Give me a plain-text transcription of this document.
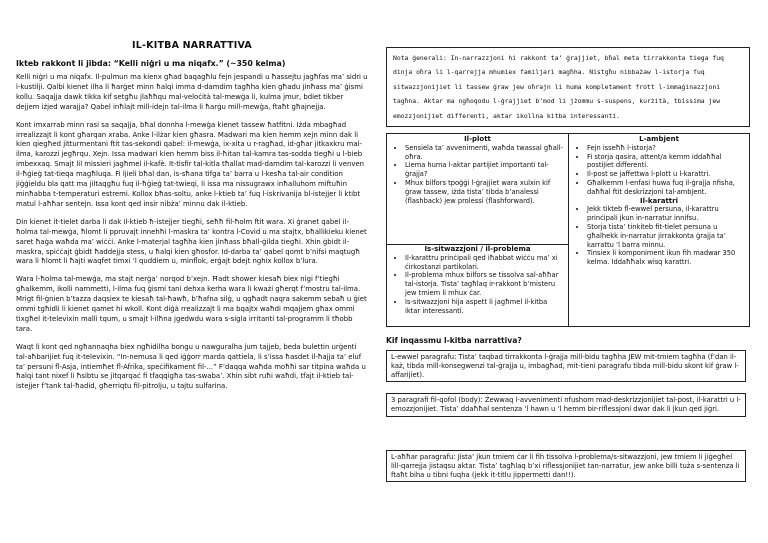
IL-KITBA NARRATTIVA
Ikteb rakkont li jibda: “Kelli niġri u ma niqafx.” (~350 kelma)

Kelli niġri u ma niqafx. Il-pulmun ma kienx għad baqagħlu fejn jespandi u ħassejtu jagħfas ma’ sidri u l-kustilji. Qalbi kienet ilha li ħarġet minn ħalqi imma d-damdim tagħha kien għadu jinħass ma’ ġismi kollu. Saqajja dawk tikka kif setgħu jlaħħqu mal-veloċità tal-mewġa li, kulma jmur, bdiet tikber dejjem iżjed warajja? Qabel inħlajt mill-idejn tal-ilma li ħarġu mill-mewġa, ftaħt għajnejja.

Kont imxarrab minn rasi sa saqajja, bħal donnha l-mewġa kienet tassew ħatfitni. Iżda mbagħad irrealizzajt li kont għarqan xraba. Anke l-ilżar kien għasra. Madwari ma kien hemm xejn minn dak li kien qiegħed jitturmentani ftit tas-sekondi qabel: il-mewġa, ix-xita u r-ragħad, id-għar jitkaxkru mal-ilma, karozzi jegħrqu. Xejn. Issa madwari kien hemm biss il-ħitan tal-kamra tas-sodda tiegħi u l-bieb imbexxaq. Smajt lil missieri jagħmel il-kafè. It-tisfir tal-kitla tħallat mad-damdim tal-karozzi li venven il-ħġieġ tat-tieqa magħluqa. Fi ljieli bħal dan, is-sħana tifga ta’ barra u l-kesħa tal-air condition jiġġieldu bla qatt ma jiltaqgħu fuq il-ħġieġ tat-twieqi, li issa ma nissugrawx inħalluhom miftuħin minħabba t-temperaturi estremi. Kollox bħas-soltu, anke l-ktieb ta’ fuq l-iskrivanija bl-istejjer li ktibt matul l-aħħar sentejn. Issa kont qed insir nibża’ minnu dak il-ktieb.

Din kienet it-tielet darba li dak il-ktieb ħ-istejjer tiegħi, seħħ fil-ħolm ftit wara. Xi ġranet qabel il-ħolma tal-mewġa, ħlomt li ppruvajt innehħi l-maskra ta’ kontra l-Covid u ma stajtx, bħallikieku kienet saret ħaġa waħda ma’ wiċċi. Anke l-materjal tagħha kien jinħass bħall-ġilda tiegħi. Xhin ġbidt il-maskra, spiċċajt ġbidt ħaddejja stess, u ħalqi kien għosfor. Id-darba ta’ qabel qomt b’nifsi maqtugħ wara li ħlomt li ħajti waqfet timxi ‘l quddiem u, minflok, erġajt bdejt nghix kollox b’lura.

Wara l-ħolma tal-mewġa, ma stajt nerġa’ norqod b’xejn. Ħadt shower kiesaħ biex nigi f’tiegħi għalkemm, ikolli nammetti, l-ilma fuq ġismi tani dehxa kerha wara li kważi għerqt f’mostru tal-ilma. Mrigt fil-ġnien b’tazza daqsiex te kiesaħ tal-ħawħ, b’ħafna silġ, u qgħadt naqra sakemm sebaħ u ġiet ommi tgħidli li kienet qamet hi wkoll. Kont diġà rrealizzajt li ma bqajtx waħdi mqajjem għax ommi tixgħel it-televixin malli tqum, u smajt l-ilħna jgedwdu wara s-sigla irritanti tal-programm li tħobb tara.

Waqt li kont qed ngħannaqha biex ngħidilha bongu u nawguralha jum tajjeb, beda bulettin urġenti tal-aħbarijiet fuq it-televixin. “In-nemusa li qed iġġorr marda qattiela, li s’issa ħasdet il-ħajja ta’ eluf ta’ persuni fl-Asja, intiemħet fl-Afrika, speċifikament fil-...” F’daqqa waħda moħħi sar titpina waħda u ħalqi tant nixef li ħsibtu se jitqarqaċ fi tfaqqigħa tas-swaba’. Xhin sibt ruħi waħdi, tfajt il-ktieb tal-istejjer f’tank tal-ħadid, għerriqtu fil-pitrolju, u tajtu sulfarina.

Nota ġenerali: In-narrazzjoni hi rakkont ta’ ġrajjiet, bħal meta tirrakkonta tiega fuq dinja oħra li l-qarrejja mhumiex familjari magħha. Nistgħu nibbażaw l-istorja fuq sitwazzjonijiet li tassew ġraw jew oħrajn li huma kompletament frott l-immaġinazzjoni tagħna. Aktar ma ngħoqodu l-ġrajjiet b’mod li jżommu s-suspens, kurżità, tbissima jew emozzjonijiet differenti, aktar ikollna kitba interessanti.
Il-plott
• Sensiela ta’ avvenimenti, waħda twassal għall-oħra.
• Liema huma l-aktar partijiet importanti tal-ġrajja?
• Mhux bilfors tpoġġi l-ġrajjiet wara xulxin kif ġraw tassew, iżda tista’ tibda b’analessi (flashback) jew prolessi (flashforward).
L-ambjent
• Fejn isseħħ l-istorja?
• Fi storja qasira, attent/a kemm iddaħħal postijiet differenti.
• Il-post se jaffettwa l-plott u l-karattri.
• Għalkemm l-enfasi huwa fuq il-ġrajja nfisha, daħħal ftit deskrizzjoni tal-ambjent.
Il-karattri
• Jekk tikteb fl-ewwel persuna, il-karattru prinċipali jkun in-narratur innifsu.
• Storja tista’ tinkiteb fit-tielet persuna u għalhekk in-narratur jirrakkonta ġrajja ta’ karrattu ‘l barra minnu.
• Tinsiex li komponiment ikun fih madwar 350 kelma. Iddaħħalx wisq karattri.
Is-sitwazzjoni / il-problema
• Il-karattru prinċipali qed iħabbat wiċċu ma’ xi ċirkostanzi partikolari.
• Il-problema mhux bilfors se tissolva sal-aħħar tal-istorja. Tista’ tagħlaq ir-rakkont b’misteru jew tmiem li mhux ċar.
• Is-sitwazzjoni hija aspett li jagħmel il-kitba iktar interessanti.
Kif inqassmu l-kitba narrattiva?
L-ewwel paragrafu: Tista’ taqbad tirrakkonta l-ġrajja mill-bidu tagħha JEW mit-tmiem tagħha (f’dan il-każ, tibda mill-konsegwenzi tal-ġrajja u, imbagħad, mit-tieni paragrafu tibda mill-bidu skont kif ġraw l-affarijiet).
3 paragrafi fil-qofol (body): Żewwaq l-avvenimenti nfushom mad-deskrizzjonijiet tal-post, il-karattri u l-emozzjonijiet. Tista’ ddaħħal sentenza ‘l hawn u ‘l hemm bir-riflessjoni dwar dak li jkun qed jiġri.
L-aħħar paragrafu: Jista’ jkun tmiem ċar li fih tissolva l-problema/s-sitwazzjoni, jew tmiem li jiġegħel lill-qarrejja jistaqsu aktar. Tista’ tagħlaq b’xi riflessjonijiet tan-narratur, jew anke billi tuża s-sentenza li ftaħt biha u tibni fuqha (jekk it-titlu jippermetti dan!!).
